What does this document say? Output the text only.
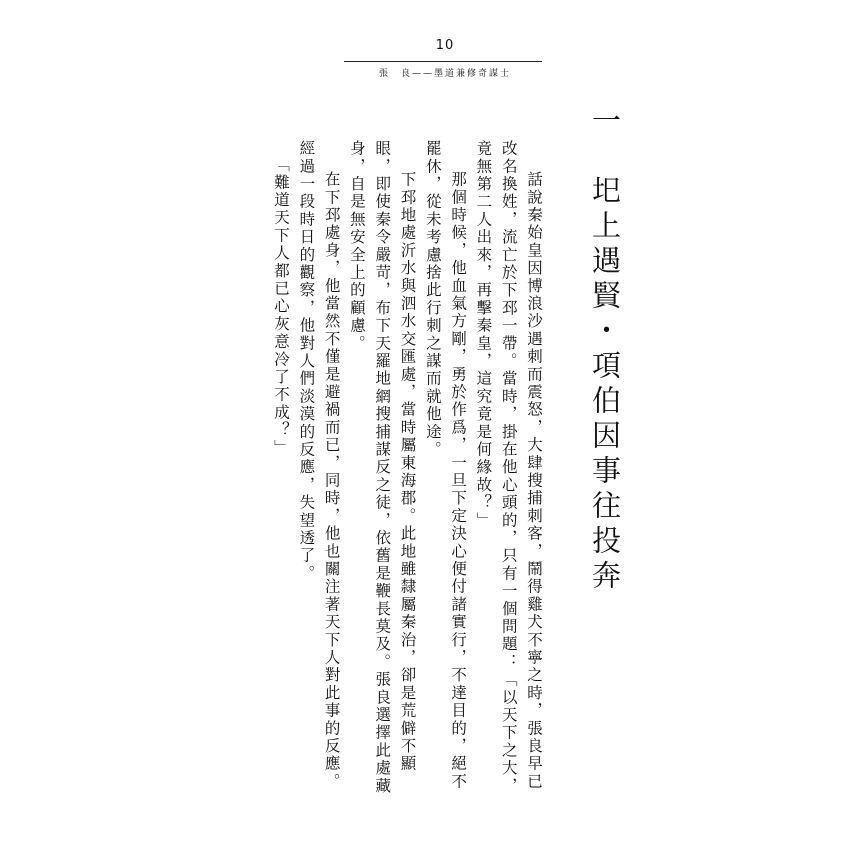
10
張　良——墨道兼修奇謀士
一　圯上遇賢・項伯因事往投奔

話說秦始皇因博浪沙遇刺而震怒，大肆搜捕刺客，鬧得雞犬不寧之時，張良早已改名換姓，流亡於下邳一帶。當時，掛在他心頭的，只有一個問題：「以天下之大，竟無第二人出來，再擊秦皇，這究竟是何緣故？」

那個時候，他血氣方剛，勇於作爲，一旦下定決心便付諸實行，不達目的，絕不罷休，從未考慮捨此行刺之謀而就他途。

下邳地處沂水與泗水交匯處，當時屬東海郡。此地雖隸屬秦治，卻是荒僻不顯眼，即使秦令嚴苛，布下天羅地網搜捕謀反之徒，依舊是鞭長莫及。張良選擇此處藏身，自是無安全上的顧慮。

在下邳處身，他當然不僅是避禍而已，同時，他也關注著天下人對此事的反應。經過一段時日的觀察，他對人們淡漠的反應，失望透了。

「難道天下人都已心灰意冷了不成？」
